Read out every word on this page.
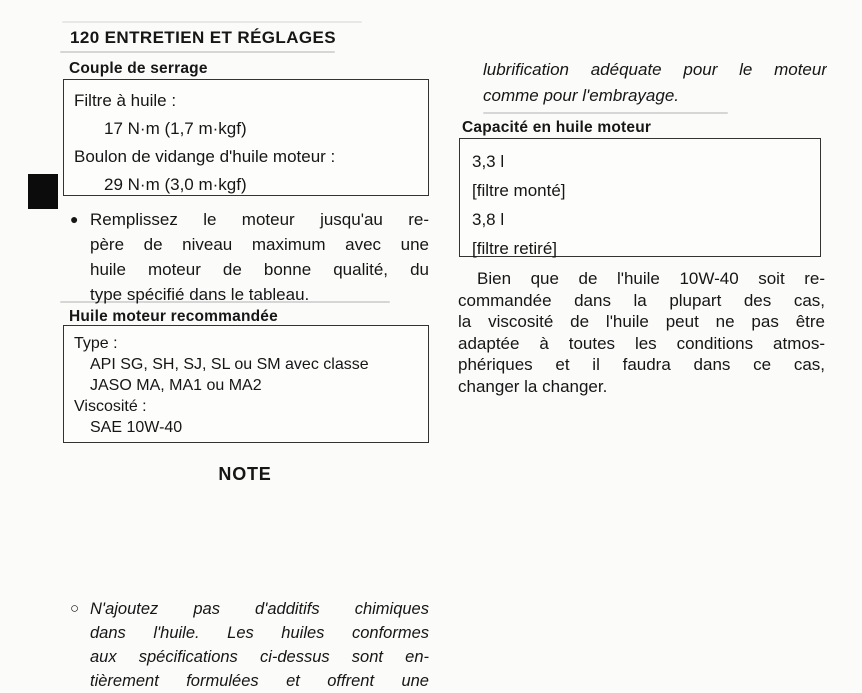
120 ENTRETIEN ET RÉGLAGES
Couple de serrage
Filtre à huile :
17 N·m (1,7 m·kgf)
Boulon de vidange d'huile moteur :
29 N·m (3,0 m·kgf)
● Remplissez le moteur jusqu'au re-
père de niveau maximum avec une
huile moteur de bonne qualité, du
type spécifié dans le tableau.
Huile moteur recommandée
Type :
API SG, SH, SJ, SL ou SM avec classe
JASO MA, MA1 ou MA2
Viscosité :
SAE 10W-40
NOTE
○ N'ajoutez pas d'additifs chimiques
dans l'huile. Les huiles conformes
aux spécifications ci-dessus sont en-
tièrement formulées et offrent une
lubrification adéquate pour le moteur
comme pour l'embrayage.
Capacité en huile moteur
3,3 l
[filtre monté]
3,8 l
[filtre retiré]
Bien que de l'huile 10W-40 soit re-
commandée dans la plupart des cas,
la viscosité de l'huile peut ne pas être
adaptée à toutes les conditions atmos-
phériques et il faudra dans ce cas,
changer la changer.
